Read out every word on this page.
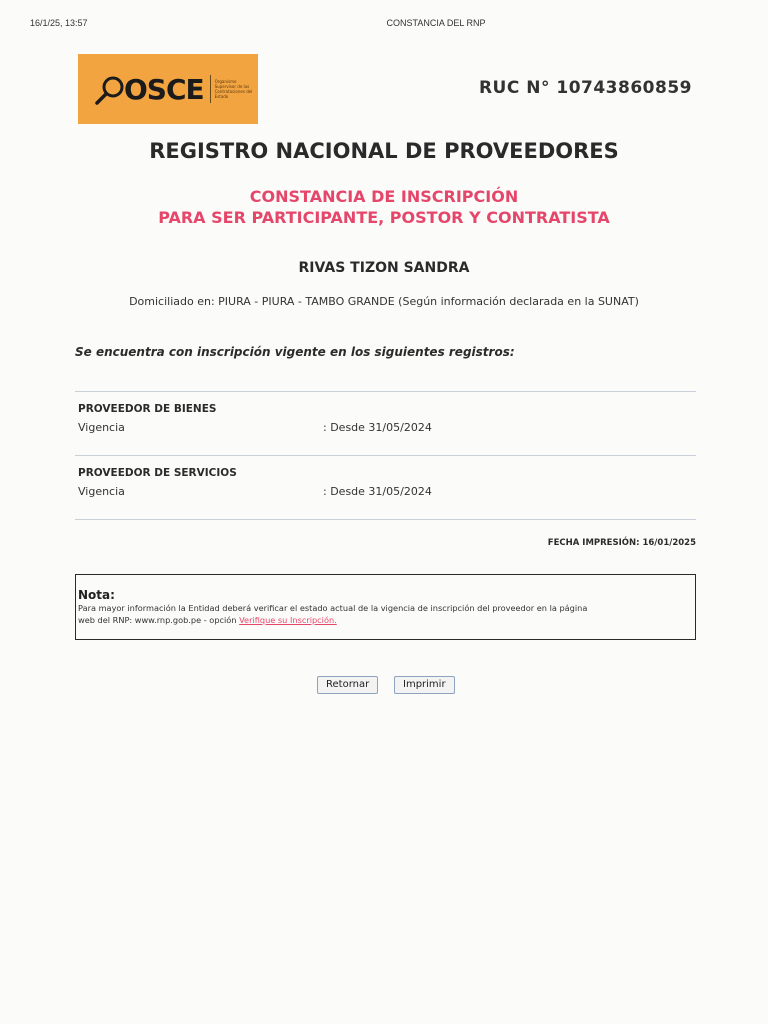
16/1/25, 13:57	CONSTANCIA DEL RNP
OSCE	Organismo Supervisor de las Contrataciones del Estado	RUC N° 10743860859
REGISTRO NACIONAL DE PROVEEDORES
CONSTANCIA DE INSCRIPCIÓN
PARA SER PARTICIPANTE, POSTOR Y CONTRATISTA
RIVAS TIZON SANDRA
Domiciliado en: PIURA - PIURA - TAMBO GRANDE (Según información declarada en la SUNAT)
Se encuentra con inscripción vigente en los siguientes registros:
PROVEEDOR DE BIENES
Vigencia	: Desde 31/05/2024
PROVEEDOR DE SERVICIOS
Vigencia	: Desde 31/05/2024
FECHA IMPRESIÓN: 16/01/2025
Nota:
Para mayor información la Entidad deberá verificar el estado actual de la vigencia de inscripción del proveedor en la página
web del RNP: www.rnp.gob.pe - opción Verifique su Inscripción.
Retornar	Imprimir
